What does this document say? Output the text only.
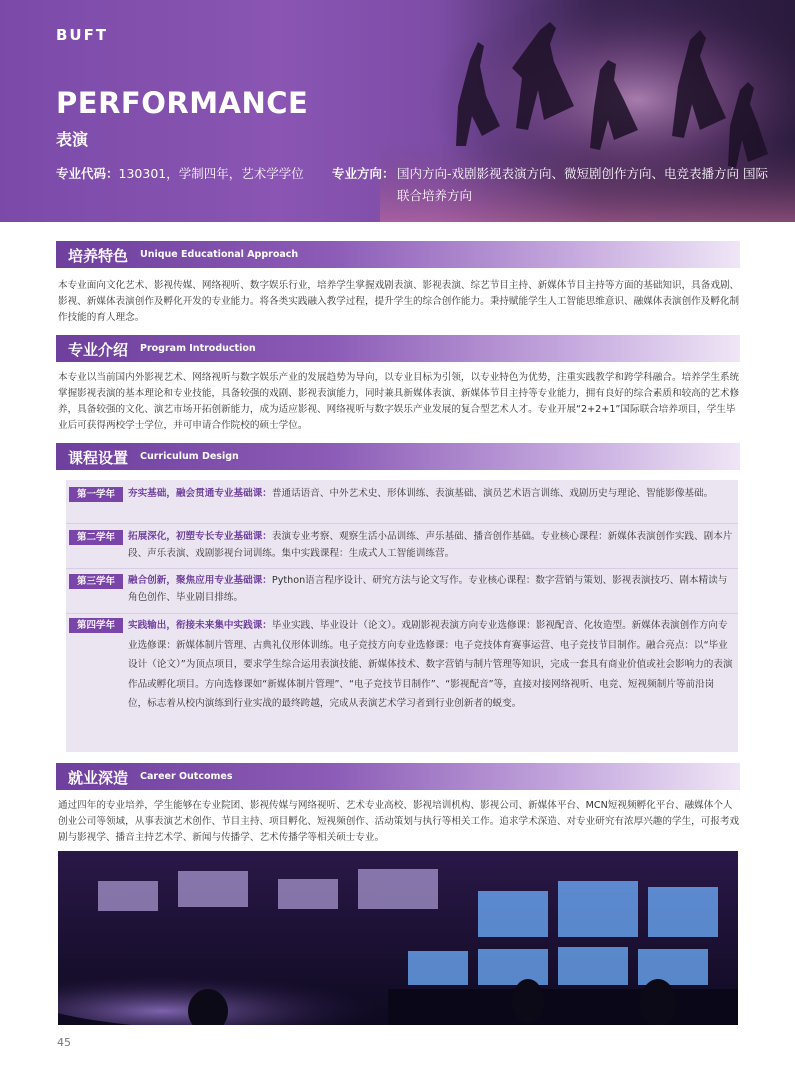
BUFT
PERFORMANCE
表演
专业代码：130301，学制四年，艺术学学位 专业方向： 国内方向-戏剧影视表演方向、微短剧创作方向、电竞表播方向 国际联合培养方向
培养特色 Unique Educational Approach
本专业面向文化艺术、影视传媒、网络视听、数字娱乐行业，培养学生掌握戏剧表演、影视表演、综艺节目主持、新媒体节目主持等方面的基础知识，具备戏剧、影视、新媒体表演创作及孵化开发的专业能力。将各类实践融入教学过程，提升学生的综合创作能力。秉持赋能学生人工智能思维意识、融媒体表演创作及孵化制作技能的育人理念。
专业介绍 Program Introduction
本专业以当前国内外影视艺术、网络视听与数字娱乐产业的发展趋势为导向，以专业目标为引领，以专业特色为优势，注重实践教学和跨学科融合。培养学生系统掌握影视表演的基本理论和专业技能，具备较强的戏剧、影视表演能力，同时兼具新媒体表演、新媒体节目主持等专业能力，拥有良好的综合素质和较高的艺术修养，具备较强的文化、演艺市场开拓创新能力，成为适应影视、网络视听与数字娱乐产业发展的复合型艺术人才。专业开展“2+2+1”国际联合培养项目，学生毕业后可获得两校学士学位，并可申请合作院校的硕士学位。
课程设置 Curriculum Design
第一学年	夯实基础，融会贯通专业基础课：普通话语音、中外艺术史、形体训练、表演基础、演员艺术语言训练、戏剧历史与理论、智能影像基础。
第二学年	拓展深化，初塑专长专业基础课：表演专业考察、观察生活小品训练、声乐基础、播音创作基础。专业核心课程：新媒体表演创作实践、剧本片段、声乐表演、戏剧影视台词训练。集中实践课程：生成式人工智能训练营。
第三学年	融合创新，聚焦应用专业基础课：Python语言程序设计、研究方法与论文写作。专业核心课程：数字营销与策划、影视表演技巧、剧本精读与角色创作、毕业剧目排练。
第四学年	实践输出，衔接未来集中实践课：毕业实践、毕业设计（论文）。戏剧影视表演方向专业选修课：影视配音、化妆造型。新媒体表演创作方向专业选修课：新媒体制片管理、古典礼仪形体训练。电子竞技方向专业选修课：电子竞技体育赛事运营、电子竞技节目制作。融合亮点：以“毕业设计（论文）”为顶点项目，要求学生综合运用表演技能、新媒体技术、数字营销与制片管理等知识，完成一套具有商业价值或社会影响力的表演作品或孵化项目。方向选修课如“新媒体制片管理”、“电子竞技节目制作”、“影视配音”等，直接对接网络视听、电竞、短视频制片等前沿岗位，标志着从校内演练到行业实战的最终跨越，完成从表演艺术学习者到行业创新者的蜕变。
就业深造 Career Outcomes
通过四年的专业培养，学生能够在专业院团、影视传媒与网络视听、艺术专业高校、影视培训机构、影视公司、新媒体平台、MCN短视频孵化平台、融媒体个人创业公司等领域，从事表演艺术创作、节目主持、项目孵化、短视频创作、活动策划与执行等相关工作。追求学术深造、对专业研究有浓厚兴趣的学生，可报考戏剧与影视学、播音主持艺术学、新闻与传播学、艺术传播学等相关硕士专业。
45
